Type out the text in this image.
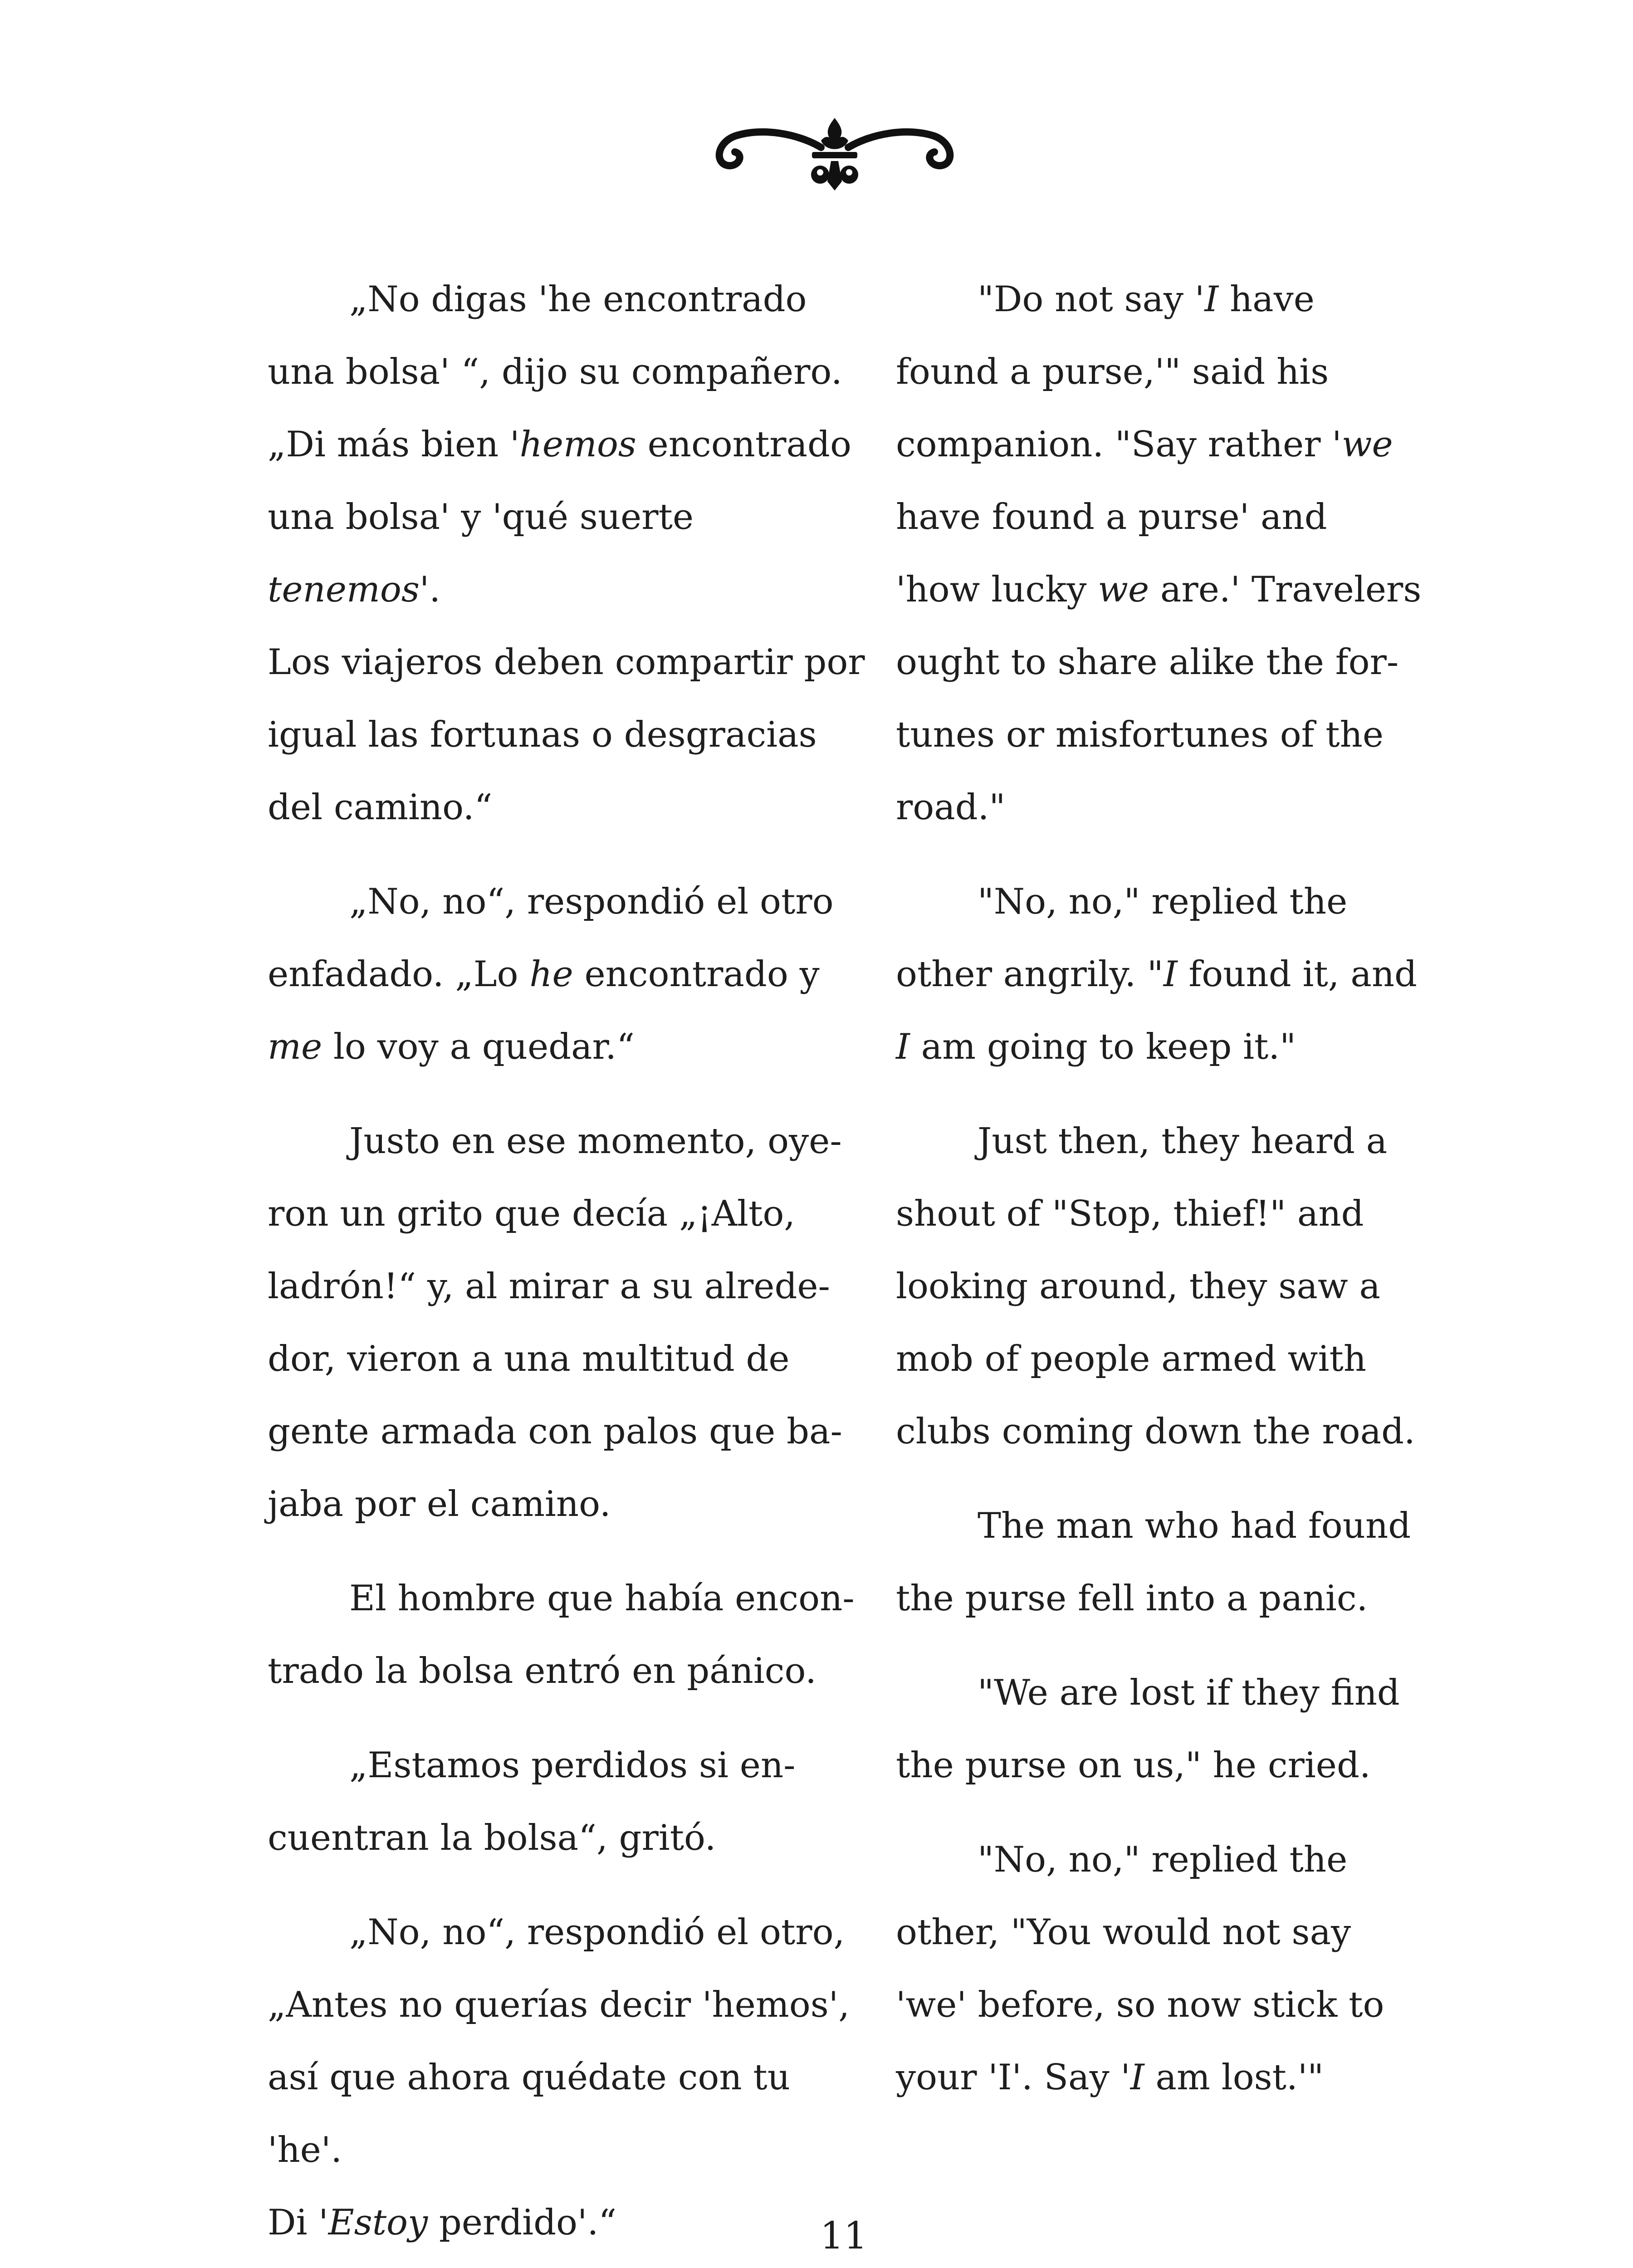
„No digas 'he encontrado
una bolsa' “, dijo su compañero.
„Di más bien 'hemos encontrado
una bolsa' y 'qué suerte tenemos'.
Los viajeros deben compartir por
igual las fortunas o desgracias
del camino.“

„No, no“, respondió el otro
enfadado. „Lo he encontrado y
me lo voy a quedar.“

Justo en ese momento, oye-
ron un grito que decía „¡Alto,
ladrón!“ y, al mirar a su alrede-
dor, vieron a una multitud de
gente armada con palos que ba-
jaba por el camino.

El hombre que había encon-
trado la bolsa entró en pánico.

„Estamos perdidos si en-
cuentran la bolsa“, gritó.

„No, no“, respondió el otro,
„Antes no querías decir 'hemos',
así que ahora quédate con tu 'he'.
Di 'Estoy perdido'.“

"Do not say 'I have
found a purse,'" said his
companion. "Say rather 'we
have found a purse' and
'how lucky we are.' Travelers
ought to share alike the for-
tunes or misfortunes of the
road."

"No, no," replied the
other angrily. "I found it, and
I am going to keep it."

Just then, they heard a
shout of "Stop, thief!" and
looking around, they saw a
mob of people armed with
clubs coming down the road.

The man who had found
the purse fell into a panic.

"We are lost if they find
the purse on us," he cried.

"No, no," replied the
other, "You would not say
'we' before, so now stick to
your 'I'. Say 'I am lost.'"

11
